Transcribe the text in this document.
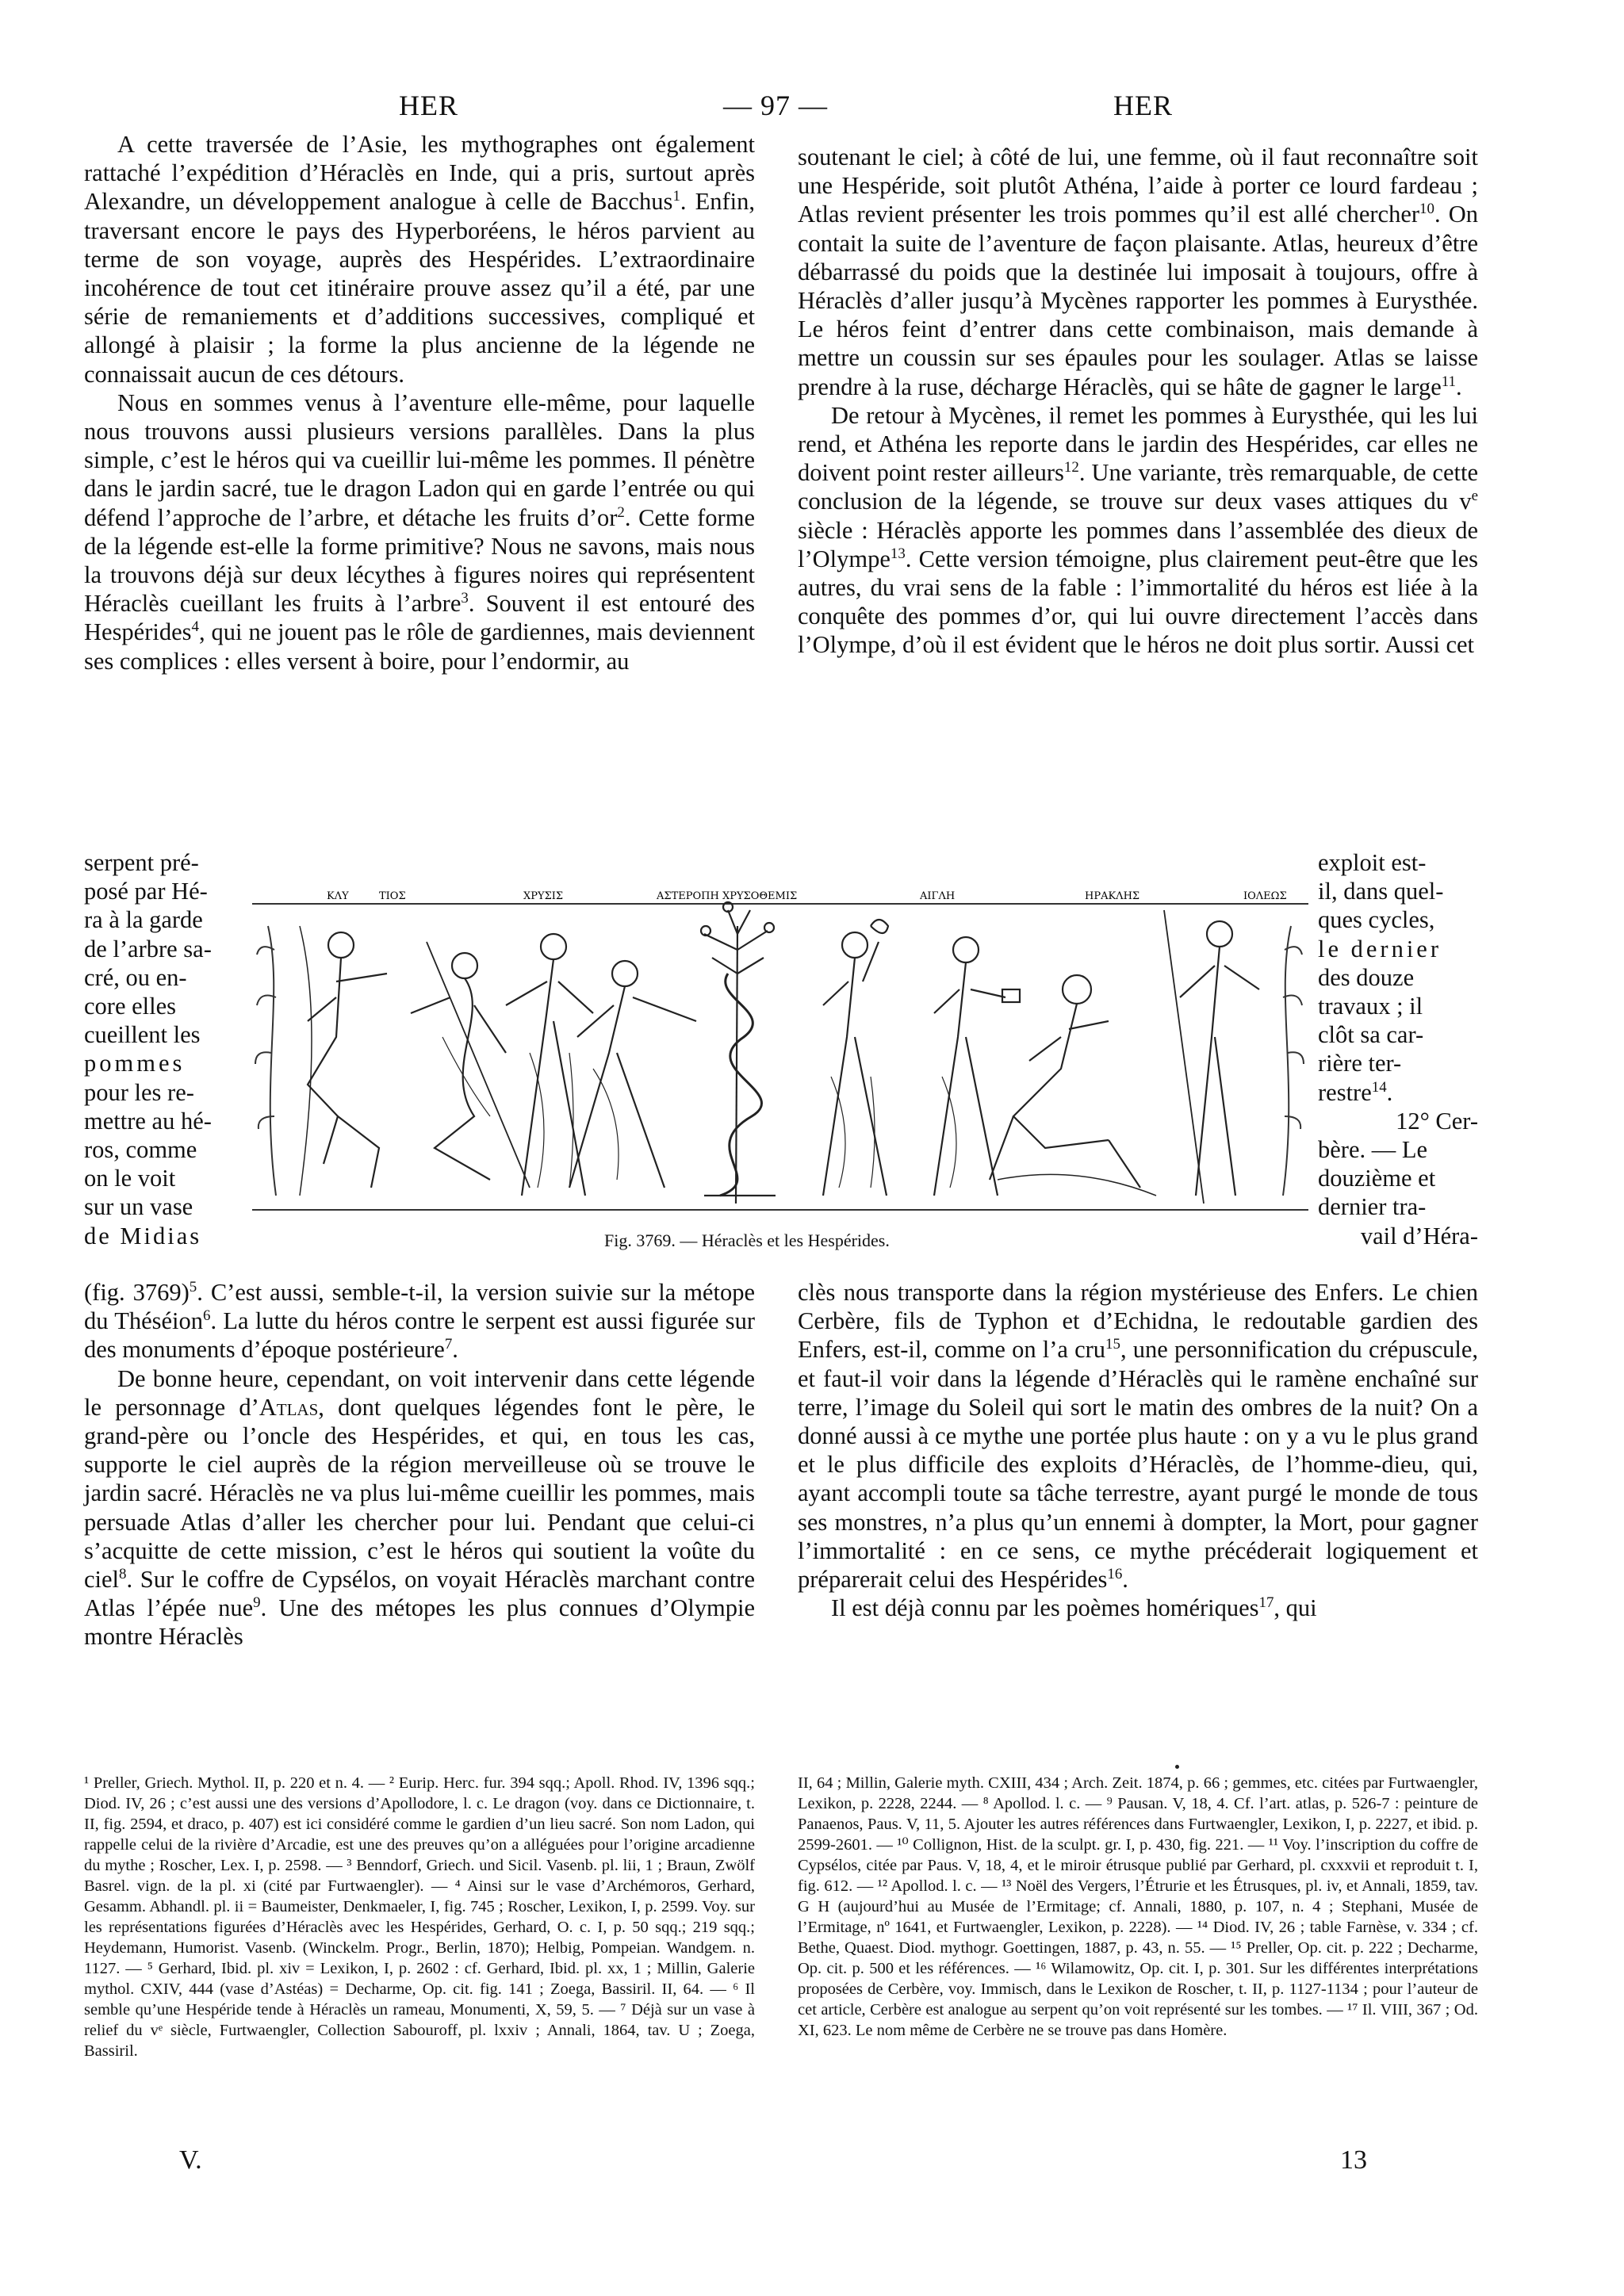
HER	— 97 —	HER

A cette traversée de l’Asie, les mythographes ont également rattaché l’expédition d’Héraclès en Inde, qui a pris, surtout après Alexandre, un développement analogue à celle de Bacchus$^1$. Enfin, traversant encore le pays des Hyperboréens, le héros parvient au terme de son voyage, auprès des Hespérides. L’extraordinaire incohérence de tout cet itinéraire prouve assez qu’il a été, par une série de remaniements et d’additions successives, compliqué et allongé à plaisir ; la forme la plus ancienne de la légende ne connaissait aucun de ces détours.

Nous en sommes venus à l’aventure elle-même, pour laquelle nous trouvons aussi plusieurs versions parallèles. Dans la plus simple, c’est le héros qui va cueillir lui-même les pommes. Il pénètre dans le jardin sacré, tue le dragon Ladon qui en garde l’entrée ou qui défend l’approche de l’arbre, et détache les fruits $d’or^2$. Cette forme de la légende est-elle la forme primitive? Nous ne savons, mais nous la trouvons déjà sur deux lécythes à figures noires qui représentent Héraclès cueillant les fruits à l’arbre$^3$. Souvent il est entouré des Hespérides$^4$, qui ne jouent pas le rôle de gardiennes, mais deviennent ses complices : elles versent à boire, pour l’endormir, au

serpent pré-
posé par Hé-
ra à la garde
de l’arbre sa-
cré, ou en-
core elles
cueillent les
pommes
pour les re-
mettre au hé-
ros, comme
on le voit
sur un vase
de Midias

(fig. 3769)$^5$. C’est aussi, semble-t-il, la version suivie sur la métope du Théséion$^6$. La lutte du héros contre le serpent est aussi figurée sur des monuments d’époque postérieure$^7$.

De bonne heure, cependant, on voit intervenir dans cette légende le personnage d’Atlas, dont quelques légendes font le père, le grand-père ou l’oncle des Hespérides, et qui, en tous les cas, supporte le ciel auprès de la région merveilleuse où se trouve le jardin sacré. Héraclès ne va plus lui-même cueillir les pommes, mais persuade Atlas d’aller les chercher pour lui. Pendant que celui-ci s’acquitte de cette mission, c’est le héros qui soutient la voûte du ciel$^8$. Sur le coffre de Cypsélos, on voyait Héraclès marchant contre Atlas l’épée nue$^9$. Une des métopes les plus connues d’Olympie montre Héraclès

soutenant le ciel; à côté de lui, une femme, où il faut reconnaître soit une Hespéride, soit plutôt Athéna, l’aide à porter ce lourd fardeau ; Atlas revient présenter les trois pommes qu’il est allé chercher$^{10}$. On contait la suite de l’aventure de façon plaisante. Atlas, heureux d’être débarrassé du poids que la destinée lui imposait à toujours, offre à Héraclès d’aller jusqu’à Mycènes rapporter les pommes à Eurysthée. Le héros feint d’entrer dans cette combinaison, mais demande à mettre un coussin sur ses épaules pour les soulager. Atlas se laisse prendre à la ruse, décharge Héraclès, qui se hâte de gagner le large$^{11}$.

De retour à Mycènes, il remet les pommes à Eurysthée, qui les lui rend, et Athéna les reporte dans le jardin des Hespérides, car elles ne doivent point rester ailleurs$^{12}$. Une variante, très remarquable, de cette conclusion de la légende, se trouve sur deux vases attiques du $v^e$ siècle : Héraclès apporte les pommes dans l’assemblée des dieux de l’Olympe$^{13}$. Cette version témoigne, plus clairement peut-être que les autres, du vrai sens de la fable : l’immortalité du héros est liée à la conquête des pommes d’or, qui lui ouvre directement l’accès dans l’Olympe, d’où il est évident que le héros ne doit plus sortir. Aussi cet

exploit est-
il, dans quel-
ques cycles,
le dernier
des douze
travaux ; il
clôt sa car-
rière ter-
restre$^{14}$.
12° Cer-
bère. — Le
douzième et
dernier tra-
vail d’Héra-

clès nous transporte dans la région mystérieuse des Enfers. Le chien Cerbère, fils de Typhon et d’Echidna, le redoutable gardien des Enfers, est-il, comme on l’a cru$^{15}$, une personnification du crépuscule, et faut-il voir dans la légende d’Héraclès qui le ramène enchaîné sur terre, l’image du Soleil qui sort le matin des ombres de la nuit? On a donné aussi à ce mythe une portée plus haute : on y a vu le plus grand et le plus difficile des exploits d’Héraclès, de l’homme-dieu, qui, ayant accompli toute sa tâche terrestre, ayant purgé le monde de tous ses monstres, n’a plus qu’un ennemi à dompter, la Mort, pour gagner l’immortalité : en ce sens, ce mythe précéderait logiquement et préparerait celui des Hespérides$^{16}$.

Il est déjà connu par les poèmes homériques$^{17}$, qui

ΚΛΥ	ΤΙΟΣ	ΧΡΥΣΙΣ	ΑΣΤΕΡΟΠΗ ΧΡΥΣΟΘΕΜΙΣ	ΑΙΓΛΗ	ΗΡΑΚΛΗΣ	ΙΟΛΕΩΣ
Fig. 3769. — Héraclès et les Hespérides.
¹ Preller, Griech. Mythol. II, p. 220 et n. 4. — ² Eurip. Herc. fur. 394 sqq.; Apoll. Rhod. IV, 1396 sqq.; Diod. IV, 26 ; c’est aussi une des versions d’Apollodore, l. c. Le dragon (voy. dans ce Dictionnaire, t. II, fig. 2594, et draco, p. 407) est ici considéré comme le gardien d’un lieu sacré. Son nom Ladon, qui rappelle celui de la rivière d’Arcadie, est une des preuves qu’on a alléguées pour l’origine arcadienne du mythe ; Roscher, Lex. I, p. 2598. — ³ Benndorf, Griech. und Sicil. Vasenb. pl. lii, 1 ; Braun, Zwölf Basrel. vign. de la pl. xi (cité par Furtwaengler). — ⁴ Ainsi sur le vase d’Archémoros, Gerhard, Gesamm. Abhandl. pl. ii = Baumeister, Denkmaeler, I, fig. 745 ; Roscher, Lexikon, I, p. 2599. Voy. sur les représentations figurées d’Héraclès avec les Hespérides, Gerhard, O. c. I, p. 50 sqq.; 219 sqq.; Heydemann, Humorist. Vasenb. (Winckelm. Progr., Berlin, 1870); Helbig, Pompeian. Wandgem. n. 1127. — ⁵ Gerhard, Ibid. pl. xiv = Lexikon, I, p. 2602 : cf. Gerhard, Ibid. pl. xx, 1 ; Millin, Galerie mythol. CXIV, 444 (vase d’Astéas) = Decharme, Op. cit. fig. 141 ; Zoega, Bassiril. II, 64. — ⁶ Il semble qu’une Hespéride tende à Héraclès un rameau, Monumenti, X, 59, 5. — ⁷ Déjà sur un vase à relief du vᵉ siècle, Furtwaengler, Collection Sabouroff, pl. lxxiv ; Annali, 1864, tav. U ; Zoega, Bassiril.
II, 64 ; Millin, Galerie myth. CXIII, 434 ; Arch. Zeit. 1874, p. 66 ; gemmes, etc. citées par Furtwaengler, Lexikon, p. 2228, 2244. — ⁸ Apollod. l. c. — ⁹ Pausan. V, 18, 4. Cf. l’art. atlas, p. 526-7 : peinture de Panaenos, Paus. V, 11, 5. Ajouter les autres références dans Furtwaengler, Lexikon, I, p. 2227, et ibid. p. 2599-2601. — ¹⁰ Collignon, Hist. de la sculpt. gr. I, p. 430, fig. 221. — ¹¹ Voy. l’inscription du coffre de Cypsélos, citée par Paus. V, 18, 4, et le miroir étrusque publié par Gerhard, pl. cxxxvii et reproduit t. I, fig. 612. — ¹² Apollod. l. c. — ¹³ Noël des Vergers, l’Étrurie et les Étrusques, pl. iv, et Annali, 1859, tav. G H (aujourd’hui au Musée de l’Ermitage; cf. Annali, 1880, p. 107, n. 4 ; Stephani, Musée de l’Ermitage, nº 1641, et Furtwaengler, Lexikon, p. 2228). — ¹⁴ Diod. IV, 26 ; table Farnèse, v. 334 ; cf. Bethe, Quaest. Diod. mythogr. Goettingen, 1887, p. 43, n. 55. — ¹⁵ Preller, Op. cit. p. 222 ; Decharme, Op. cit. p. 500 et les références. — ¹⁶ Wilamowitz, Op. cit. I, p. 301. Sur les différentes interprétations proposées de Cerbère, voy. Immisch, dans le Lexikon de Roscher, t. II, p. 1127-1134 ; pour l’auteur de cet article, Cerbère est analogue au serpent qu’on voit représenté sur les tombes. — ¹⁷ Il. VIII, 367 ; Od. XI, 623. Le nom même de Cerbère ne se trouve pas dans Homère.
V.	13
